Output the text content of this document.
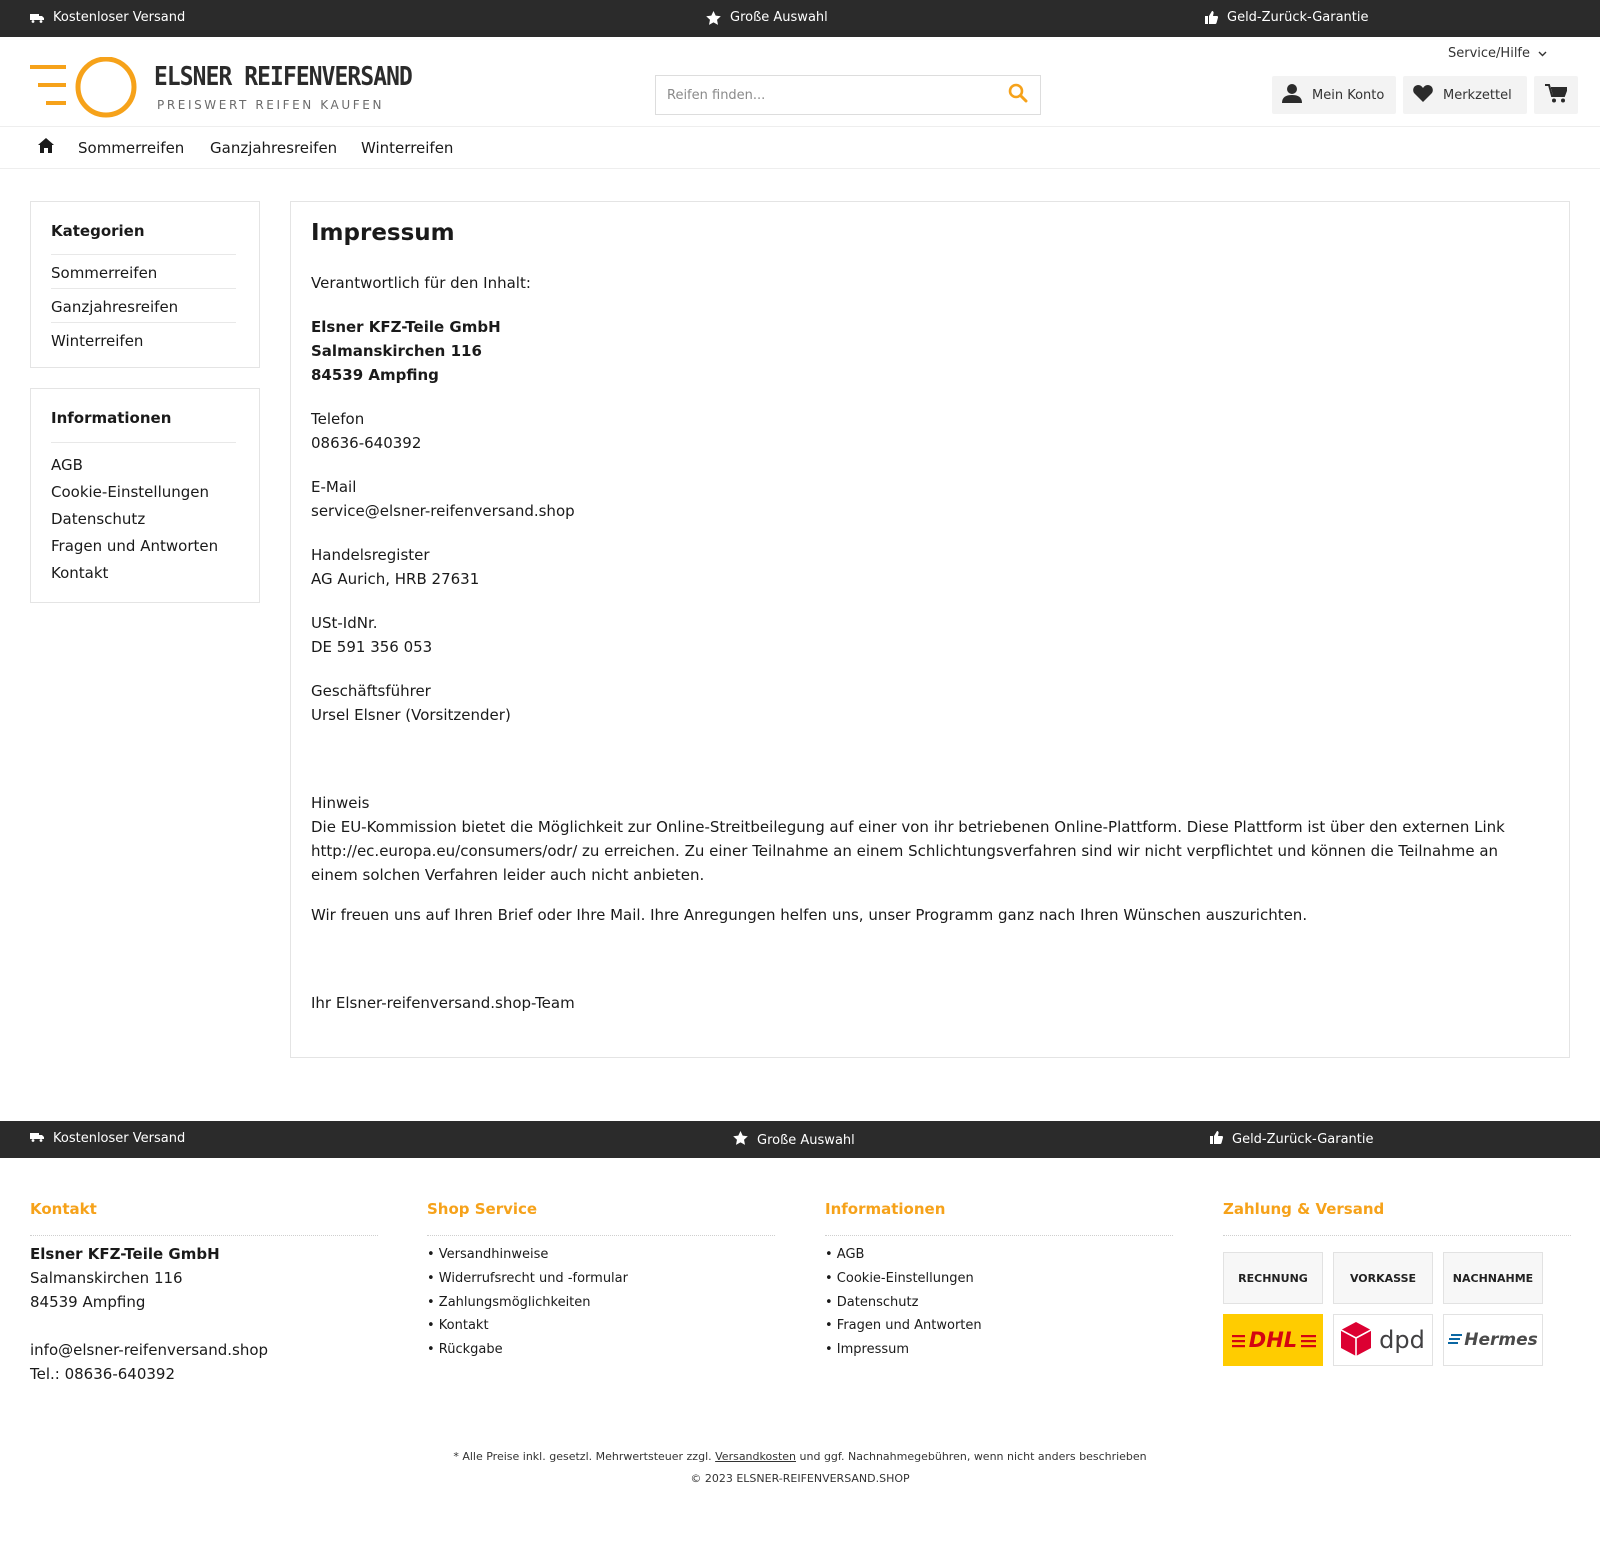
Kostenloser Versand	Große Auswahl	Geld-Zurück-Garantie
ELSNER REIFENVERSAND
PREISWERT REIFEN KAUFEN
Service/Hilfe
Reifen finden...
Mein Konto	Merkzettel
Sommerreifen Ganzjahresreifen Winterreifen
Kategorien
Sommerreifen
Ganzjahresreifen
Winterreifen
Informationen
AGB
Cookie-Einstellungen
Datenschutz
Fragen und Antworten
Kontakt
Impressum
Verantwortlich für den Inhalt:
Elsner KFZ-Teile GmbH
Salmanskirchen 116
84539 Ampfing
Telefon
08636-640392
E-Mail
service@elsner-reifenversand.shop
Handelsregister
AG Aurich, HRB 27631
USt-IdNr.
DE 591 356 053
Geschäftsführer
Ursel Elsner (Vorsitzender)
Hinweis
Die EU-Kommission bietet die Möglichkeit zur Online-Streitbeilegung auf einer von ihr betriebenen Online-Plattform. Diese Plattform ist über den externen Link http://ec.europa.eu/consumers/odr/ zu erreichen. Zu einer Teilnahme an einem Schlichtungsverfahren sind wir nicht verpflichtet und können die Teilnahme an einem solchen Verfahren leider auch nicht anbieten.
Wir freuen uns auf Ihren Brief oder Ihre Mail. Ihre Anregungen helfen uns, unser Programm ganz nach Ihren Wünschen auszurichten.
Ihr Elsner-reifenversand.shop-Team
Kostenloser Versand	Große Auswahl	Geld-Zurück-Garantie
Kontakt
Elsner KFZ-Teile GmbH
Salmanskirchen 116
84539 Ampfing
info@elsner-reifenversand.shop
Tel.: 08636-640392
Shop Service
• Versandhinweise
• Widerrufsrecht und -formular
• Zahlungsmöglichkeiten
• Kontakt
• Rückgabe
Informationen
• AGB
• Cookie-Einstellungen
• Datenschutz
• Fragen und Antworten
• Impressum
Zahlung & Versand
RECHNUNG	VORKASSE	NACHNAHME
DHL	dpd Hermes
* Alle Preise inkl. gesetzl. Mehrwertsteuer zzgl. Versandkosten und ggf. Nachnahmegebühren, wenn nicht anders beschrieben
© 2023 ELSNER-REIFENVERSAND.SHOP
